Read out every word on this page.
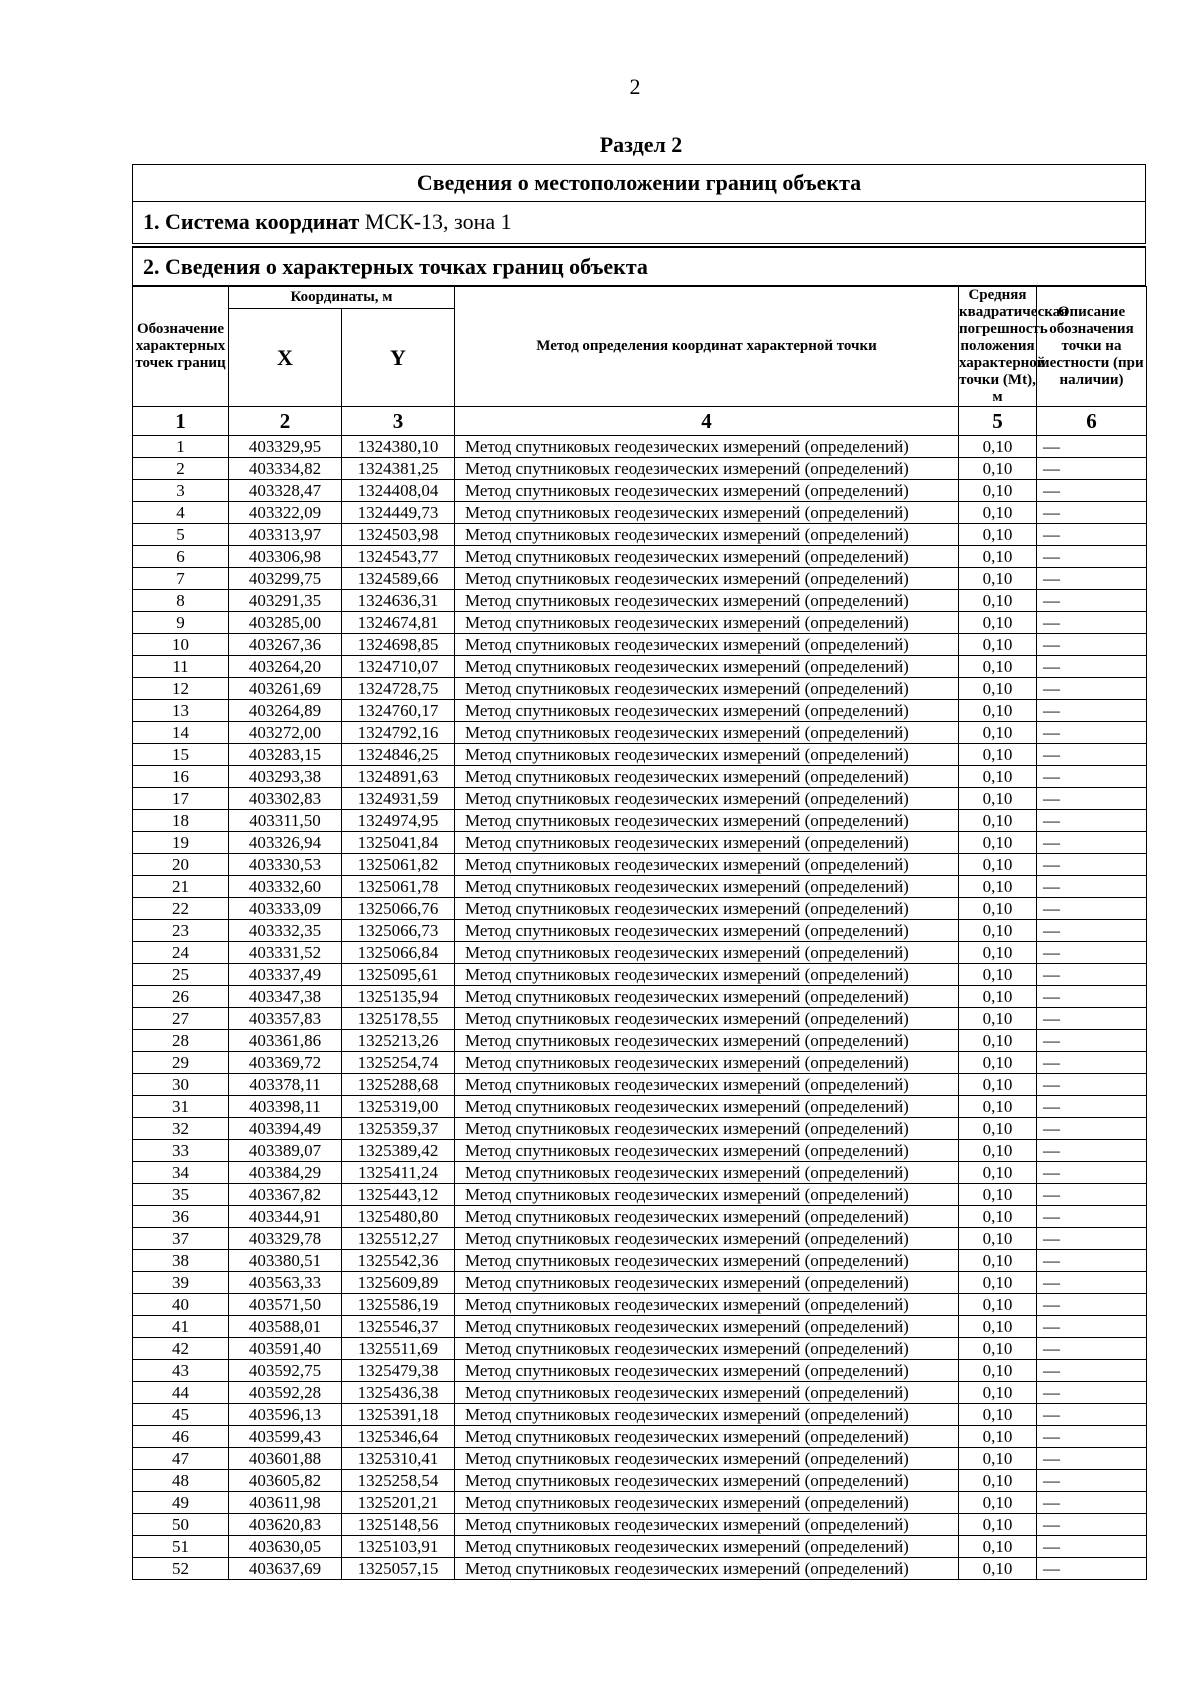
2
Раздел 2
Сведения о местоположении границ объекта
1. Система координат МСК-13, зона 1
2. Сведения о характерных точках границ объекта
Обозначение характерных точек границ	Координаты, м		Метод определения координат характерной точки	Средняя квадратическая погрешность положения характерной точки (Mt), м	Описание обозначения точки на местности (при наличии)
	X	Y			
1	2	3	4	5	6
1	403329,95	1324380,10	Метод спутниковых геодезических измерений (определений)	0,10	—
2	403334,82	1324381,25	Метод спутниковых геодезических измерений (определений)	0,10	—
3	403328,47	1324408,04	Метод спутниковых геодезических измерений (определений)	0,10	—
4	403322,09	1324449,73	Метод спутниковых геодезических измерений (определений)	0,10	—
5	403313,97	1324503,98	Метод спутниковых геодезических измерений (определений)	0,10	—
6	403306,98	1324543,77	Метод спутниковых геодезических измерений (определений)	0,10	—
7	403299,75	1324589,66	Метод спутниковых геодезических измерений (определений)	0,10	—
8	403291,35	1324636,31	Метод спутниковых геодезических измерений (определений)	0,10	—
9	403285,00	1324674,81	Метод спутниковых геодезических измерений (определений)	0,10	—
10	403267,36	1324698,85	Метод спутниковых геодезических измерений (определений)	0,10	—
11	403264,20	1324710,07	Метод спутниковых геодезических измерений (определений)	0,10	—
12	403261,69	1324728,75	Метод спутниковых геодезических измерений (определений)	0,10	—
13	403264,89	1324760,17	Метод спутниковых геодезических измерений (определений)	0,10	—
14	403272,00	1324792,16	Метод спутниковых геодезических измерений (определений)	0,10	—
15	403283,15	1324846,25	Метод спутниковых геодезических измерений (определений)	0,10	—
16	403293,38	1324891,63	Метод спутниковых геодезических измерений (определений)	0,10	—
17	403302,83	1324931,59	Метод спутниковых геодезических измерений (определений)	0,10	—
18	403311,50	1324974,95	Метод спутниковых геодезических измерений (определений)	0,10	—
19	403326,94	1325041,84	Метод спутниковых геодезических измерений (определений)	0,10	—
20	403330,53	1325061,82	Метод спутниковых геодезических измерений (определений)	0,10	—
21	403332,60	1325061,78	Метод спутниковых геодезических измерений (определений)	0,10	—
22	403333,09	1325066,76	Метод спутниковых геодезических измерений (определений)	0,10	—
23	403332,35	1325066,73	Метод спутниковых геодезических измерений (определений)	0,10	—
24	403331,52	1325066,84	Метод спутниковых геодезических измерений (определений)	0,10	—
25	403337,49	1325095,61	Метод спутниковых геодезических измерений (определений)	0,10	—
26	403347,38	1325135,94	Метод спутниковых геодезических измерений (определений)	0,10	—
27	403357,83	1325178,55	Метод спутниковых геодезических измерений (определений)	0,10	—
28	403361,86	1325213,26	Метод спутниковых геодезических измерений (определений)	0,10	—
29	403369,72	1325254,74	Метод спутниковых геодезических измерений (определений)	0,10	—
30	403378,11	1325288,68	Метод спутниковых геодезических измерений (определений)	0,10	—
31	403398,11	1325319,00	Метод спутниковых геодезических измерений (определений)	0,10	—
32	403394,49	1325359,37	Метод спутниковых геодезических измерений (определений)	0,10	—
33	403389,07	1325389,42	Метод спутниковых геодезических измерений (определений)	0,10	—
34	403384,29	1325411,24	Метод спутниковых геодезических измерений (определений)	0,10	—
35	403367,82	1325443,12	Метод спутниковых геодезических измерений (определений)	0,10	—
36	403344,91	1325480,80	Метод спутниковых геодезических измерений (определений)	0,10	—
37	403329,78	1325512,27	Метод спутниковых геодезических измерений (определений)	0,10	—
38	403380,51	1325542,36	Метод спутниковых геодезических измерений (определений)	0,10	—
39	403563,33	1325609,89	Метод спутниковых геодезических измерений (определений)	0,10	—
40	403571,50	1325586,19	Метод спутниковых геодезических измерений (определений)	0,10	—
41	403588,01	1325546,37	Метод спутниковых геодезических измерений (определений)	0,10	—
42	403591,40	1325511,69	Метод спутниковых геодезических измерений (определений)	0,10	—
43	403592,75	1325479,38	Метод спутниковых геодезических измерений (определений)	0,10	—
44	403592,28	1325436,38	Метод спутниковых геодезических измерений (определений)	0,10	—
45	403596,13	1325391,18	Метод спутниковых геодезических измерений (определений)	0,10	—
46	403599,43	1325346,64	Метод спутниковых геодезических измерений (определений)	0,10	—
47	403601,88	1325310,41	Метод спутниковых геодезических измерений (определений)	0,10	—
48	403605,82	1325258,54	Метод спутниковых геодезических измерений (определений)	0,10	—
49	403611,98	1325201,21	Метод спутниковых геодезических измерений (определений)	0,10	—
50	403620,83	1325148,56	Метод спутниковых геодезических измерений (определений)	0,10	—
51	403630,05	1325103,91	Метод спутниковых геодезических измерений (определений)	0,10	—
52	403637,69	1325057,15	Метод спутниковых геодезических измерений (определений)	0,10	—
